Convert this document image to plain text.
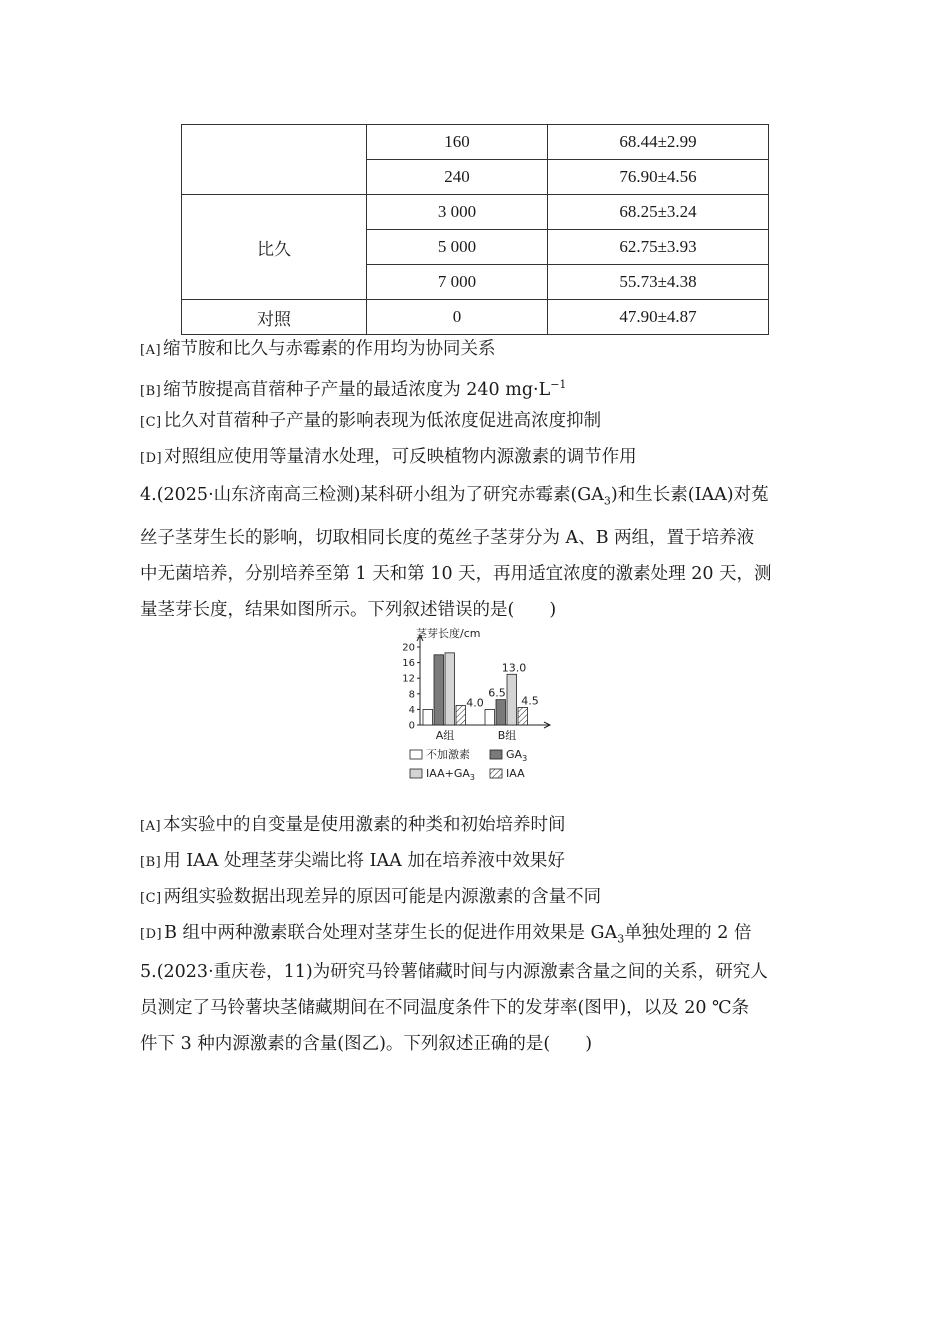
	160	68.44±2.99
	240	76.90±4.56
比久	3 000	68.25±3.24
	5 000	62.75±3.93
	7 000	55.73±4.38
对照	0	47.90±4.87
[A] 缩节胺和比久与赤霉素的作用均为协同关系
[B] 缩节胺提高苜蓿种子产量的最适浓度为 240 $mg\cdot L^{-1}$
[C] 比久对苜蓿种子产量的影响表现为低浓度促进高浓度抑制
[D] 对照组应使用等量清水处理，可反映植物内源激素的调节作用

4.(2025·山东济南高三检测)某科研小组为了研究赤霉素$(GA_3)$和生长素(IAA)对菟

丝子茎芽生长的影响，切取相同长度的菟丝子茎芽分为 A、B 两组，置于培养液

中无菌培养，分别培养至第 1 天和第 10 天，再用适宜浓度的激素处理 20 天，测

量茎芽长度，结果如图所示。下列叙述错误的是(　　)

茎芽长度/cm
0
4
8
12
16
20
A组	B组
4.0
6.5
13.0
4.5
不加激素	$GA_3$
$IAA+GA_3$	IAA
[A] 本实验中的自变量是使用激素的种类和初始培养时间
[B] 用 IAA 处理茎芽尖端比将 IAA 加在培养液中效果好
[C] 两组实验数据出现差异的原因可能是内源激素的含量不同
[D] B 组中两种激素联合处理对茎芽生长的促进作用效果是 $GA_3$单独处理的 2 倍

5.(2023·重庆卷，11)为研究马铃薯储藏时间与内源激素含量之间的关系，研究人

员测定了马铃薯块茎储藏期间在不同温度条件下的发芽率(图甲)，以及 20 ℃条

件下 3 种内源激素的含量(图乙)。下列叙述正确的是(　　)
